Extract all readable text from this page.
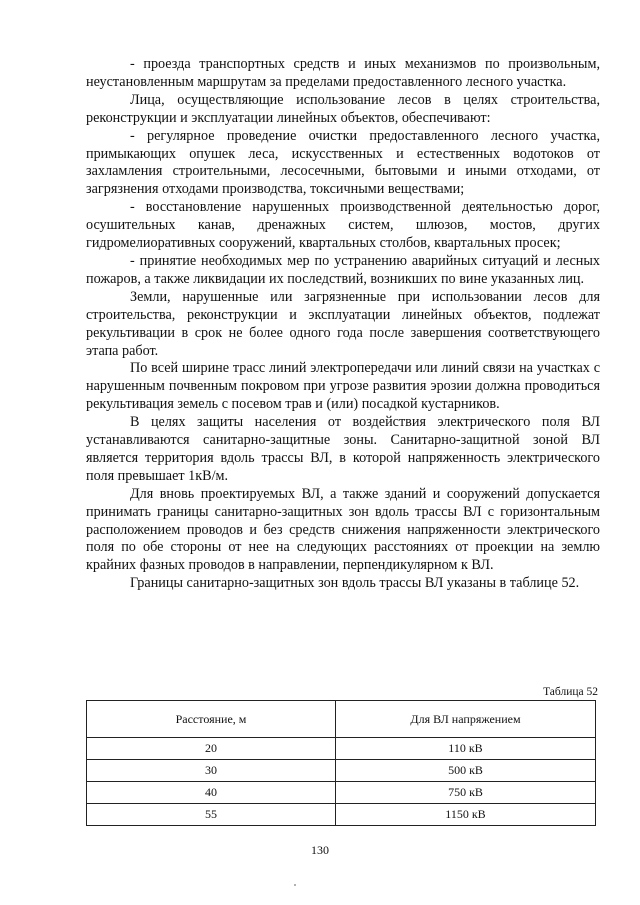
- проезда транспортных средств и иных механизмов по произвольным, неустановленным маршрутам за пределами предоставленного лесного участка.

Лица, осуществляющие использование лесов в целях строительства, реконструкции и эксплуатации линейных объектов, обеспечивают:

- регулярное проведение очистки предоставленного лесного участка, примыкающих опушек леса, искусственных и естественных водотоков от захламления строительными, лесосечными, бытовыми и иными отходами, от загрязнения отходами производства, токсичными веществами;

- восстановление нарушенных производственной деятельностью дорог, осушительных канав, дренажных систем, шлюзов, мостов, других гидромелиоративных сооружений, квартальных столбов, квартальных просек;

- принятие необходимых мер по устранению аварийных ситуаций и лесных пожаров, а также ликвидации их последствий, возникших по вине указанных лиц.

Земли, нарушенные или загрязненные при использовании лесов для строительства, реконструкции и эксплуатации линейных объектов, подлежат рекультивации в срок не более одного года после завершения соответствующего этапа работ.

По всей ширине трасс линий электропередачи или линий связи на участках с нарушенным почвенным покровом при угрозе развития эрозии должна проводиться рекультивация земель с посевом трав и (или) посадкой кустарников.

В целях защиты населения от воздействия электрического поля ВЛ устанавливаются санитарно-защитные зоны. Санитарно-защитной зоной ВЛ является территория вдоль трассы ВЛ, в которой напряженность электрического поля превышает 1кВ/м.

Для вновь проектируемых ВЛ, а также зданий и сооружений допускается принимать границы санитарно-защитных зон вдоль трассы ВЛ с горизонтальным расположением проводов и без средств снижения напряженности электрического поля по обе стороны от нее на следующих расстояниях от проекции на землю крайних фазных проводов в направлении, перпендикулярном к ВЛ.

Границы санитарно-защитных зон вдоль трассы ВЛ указаны в таблице 52.

Таблица 52
Расстояние, м	Для ВЛ напряжением
20	110 кВ
30	500 кВ
40	750 кВ
55	1150 кВ
130
